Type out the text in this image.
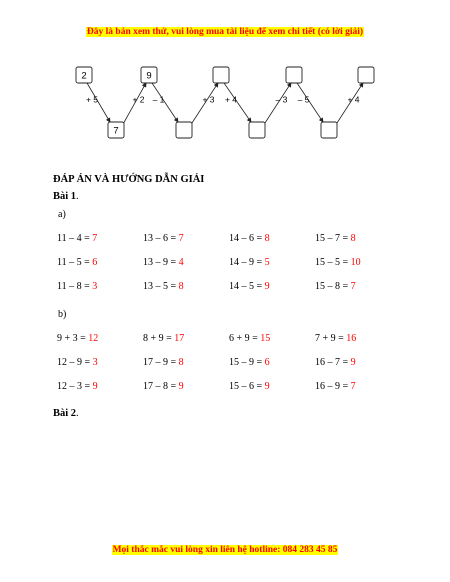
Đây là bản xem thử, vui lòng mua tài liệu để xem chi tiết (có lời giải)
+ 5	+ 2 – 1	+ 3 + 4	– 3 – 5	+ 4
2
7
9
ĐÁP ÁN VÀ HƯỚNG DẪN GIẢI
Bài 1.
a)
11 – 4 = 7	13 – 6 = 7	14 – 6 = 8	15 – 7 = 8
11 – 5 = 6	13 – 9 = 4	14 – 9 = 5	15 – 5 = 10
11 – 8 = 3	13 – 5 = 8	14 – 5 = 9	15 – 8 = 7
b)
9 + 3 = 12	8 + 9 = 17	6 + 9 = 15	7 + 9 = 16
12 – 9 = 3	17 – 9 = 8	15 – 9 = 6	16 – 7 = 9
12 – 3 = 9	17 – 8 = 9	15 – 6 = 9	16 – 9 = 7
Bài 2.
Mọi thắc mắc vui lòng xin liên hệ hotline: 084 283 45 85
